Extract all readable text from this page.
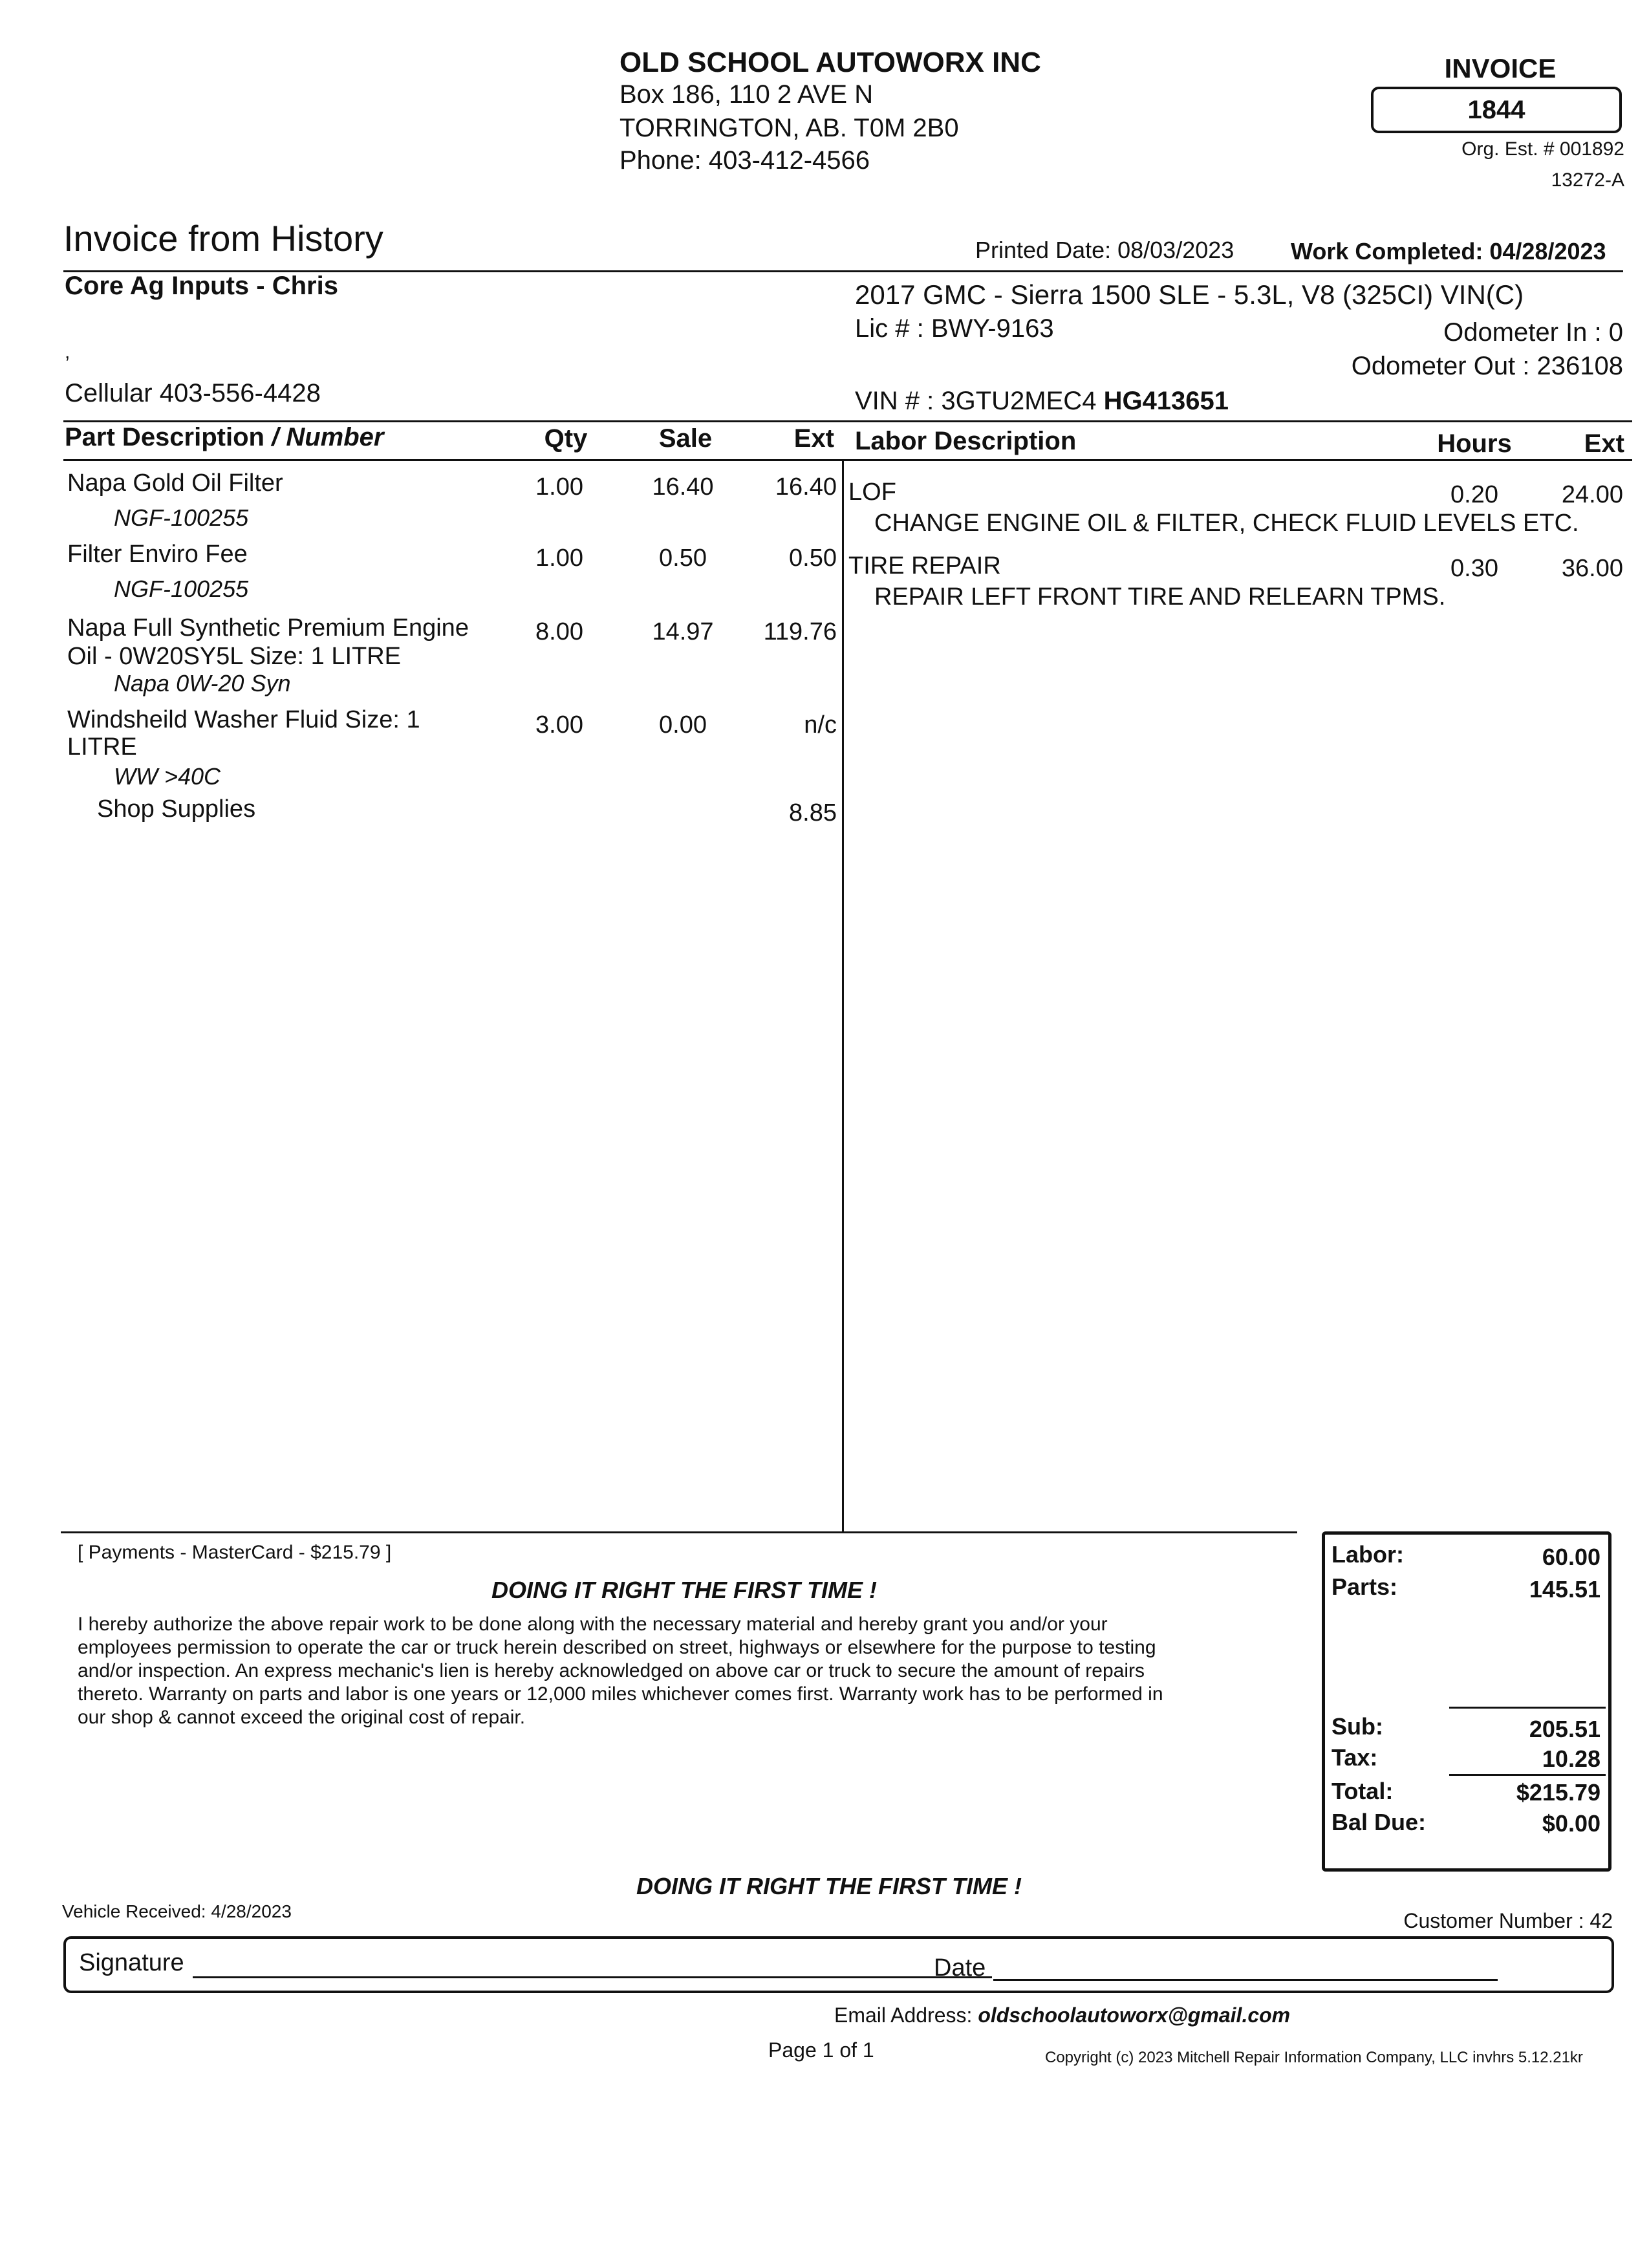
OLD SCHOOL AUTOWORX INC
Box 186, 110 2 AVE N
TORRINGTON, AB. T0M 2B0
Phone: 403-412-4566
INVOICE
1844
Org. Est. # 001892
13272-A
Invoice from History	Printed Date: 08/03/2023 Work Completed: 04/28/2023
Core Ag Inputs - Chris
,
Cellular 403-556-4428
2017 GMC - Sierra 1500 SLE - 5.3L, V8 (325CI) VIN(C)
Lic # : BWY-9163	Odometer In : 0
Odometer Out : 236108
VIN # : 3GTU2MEC4 HG413651
Part Description / Number	Qty	Sale	Ext Labor Description	Hours	Ext
Napa Gold Oil Filter
NGF-100255
1.00	16.40	16.40
Filter Enviro Fee
NGF-100255
1.00	0.50	0.50
Napa Full Synthetic Premium Engine
Oil - 0W20SY5L Size: 1 LITRE
Napa 0W-20 Syn
8.00	14.97	119.76
Windsheild Washer Fluid Size: 1
LITRE
WW >40C
3.00	0.00	n/c
Shop Supplies	8.85
LOF	0.20	24.00
CHANGE ENGINE OIL & FILTER, CHECK FLUID LEVELS ETC.
TIRE REPAIR	0.30	36.00
REPAIR LEFT FRONT TIRE AND RELEARN TPMS.
[ Payments - MasterCard - $215.79 ]
DOING IT RIGHT THE FIRST TIME !
I hereby authorize the above repair work to be done along with the necessary material and hereby grant you and/or your
employees permission to operate the car or truck herein described on street, highways or elsewhere for the purpose to testing
and/or inspection. An express mechanic's lien is hereby acknowledged on above car or truck to secure the amount of repairs
thereto. Warranty on parts and labor is one years or 12,000 miles whichever comes first. Warranty work has to be performed in
our shop & cannot exceed the original cost of repair.
Labor:	60.00
Parts:	145.51
Sub:	205.51
Tax:	10.28
Total:	$215.79
Bal Due:	$0.00
DOING IT RIGHT THE FIRST TIME !
Vehicle Received: 4/28/2023	Customer Number : 42
Signature	Date
Email Address: oldschoolautoworx@gmail.com
Page 1 of 1	Copyright (c) 2023 Mitchell Repair Information Company, LLC invhrs 5.12.21kr
